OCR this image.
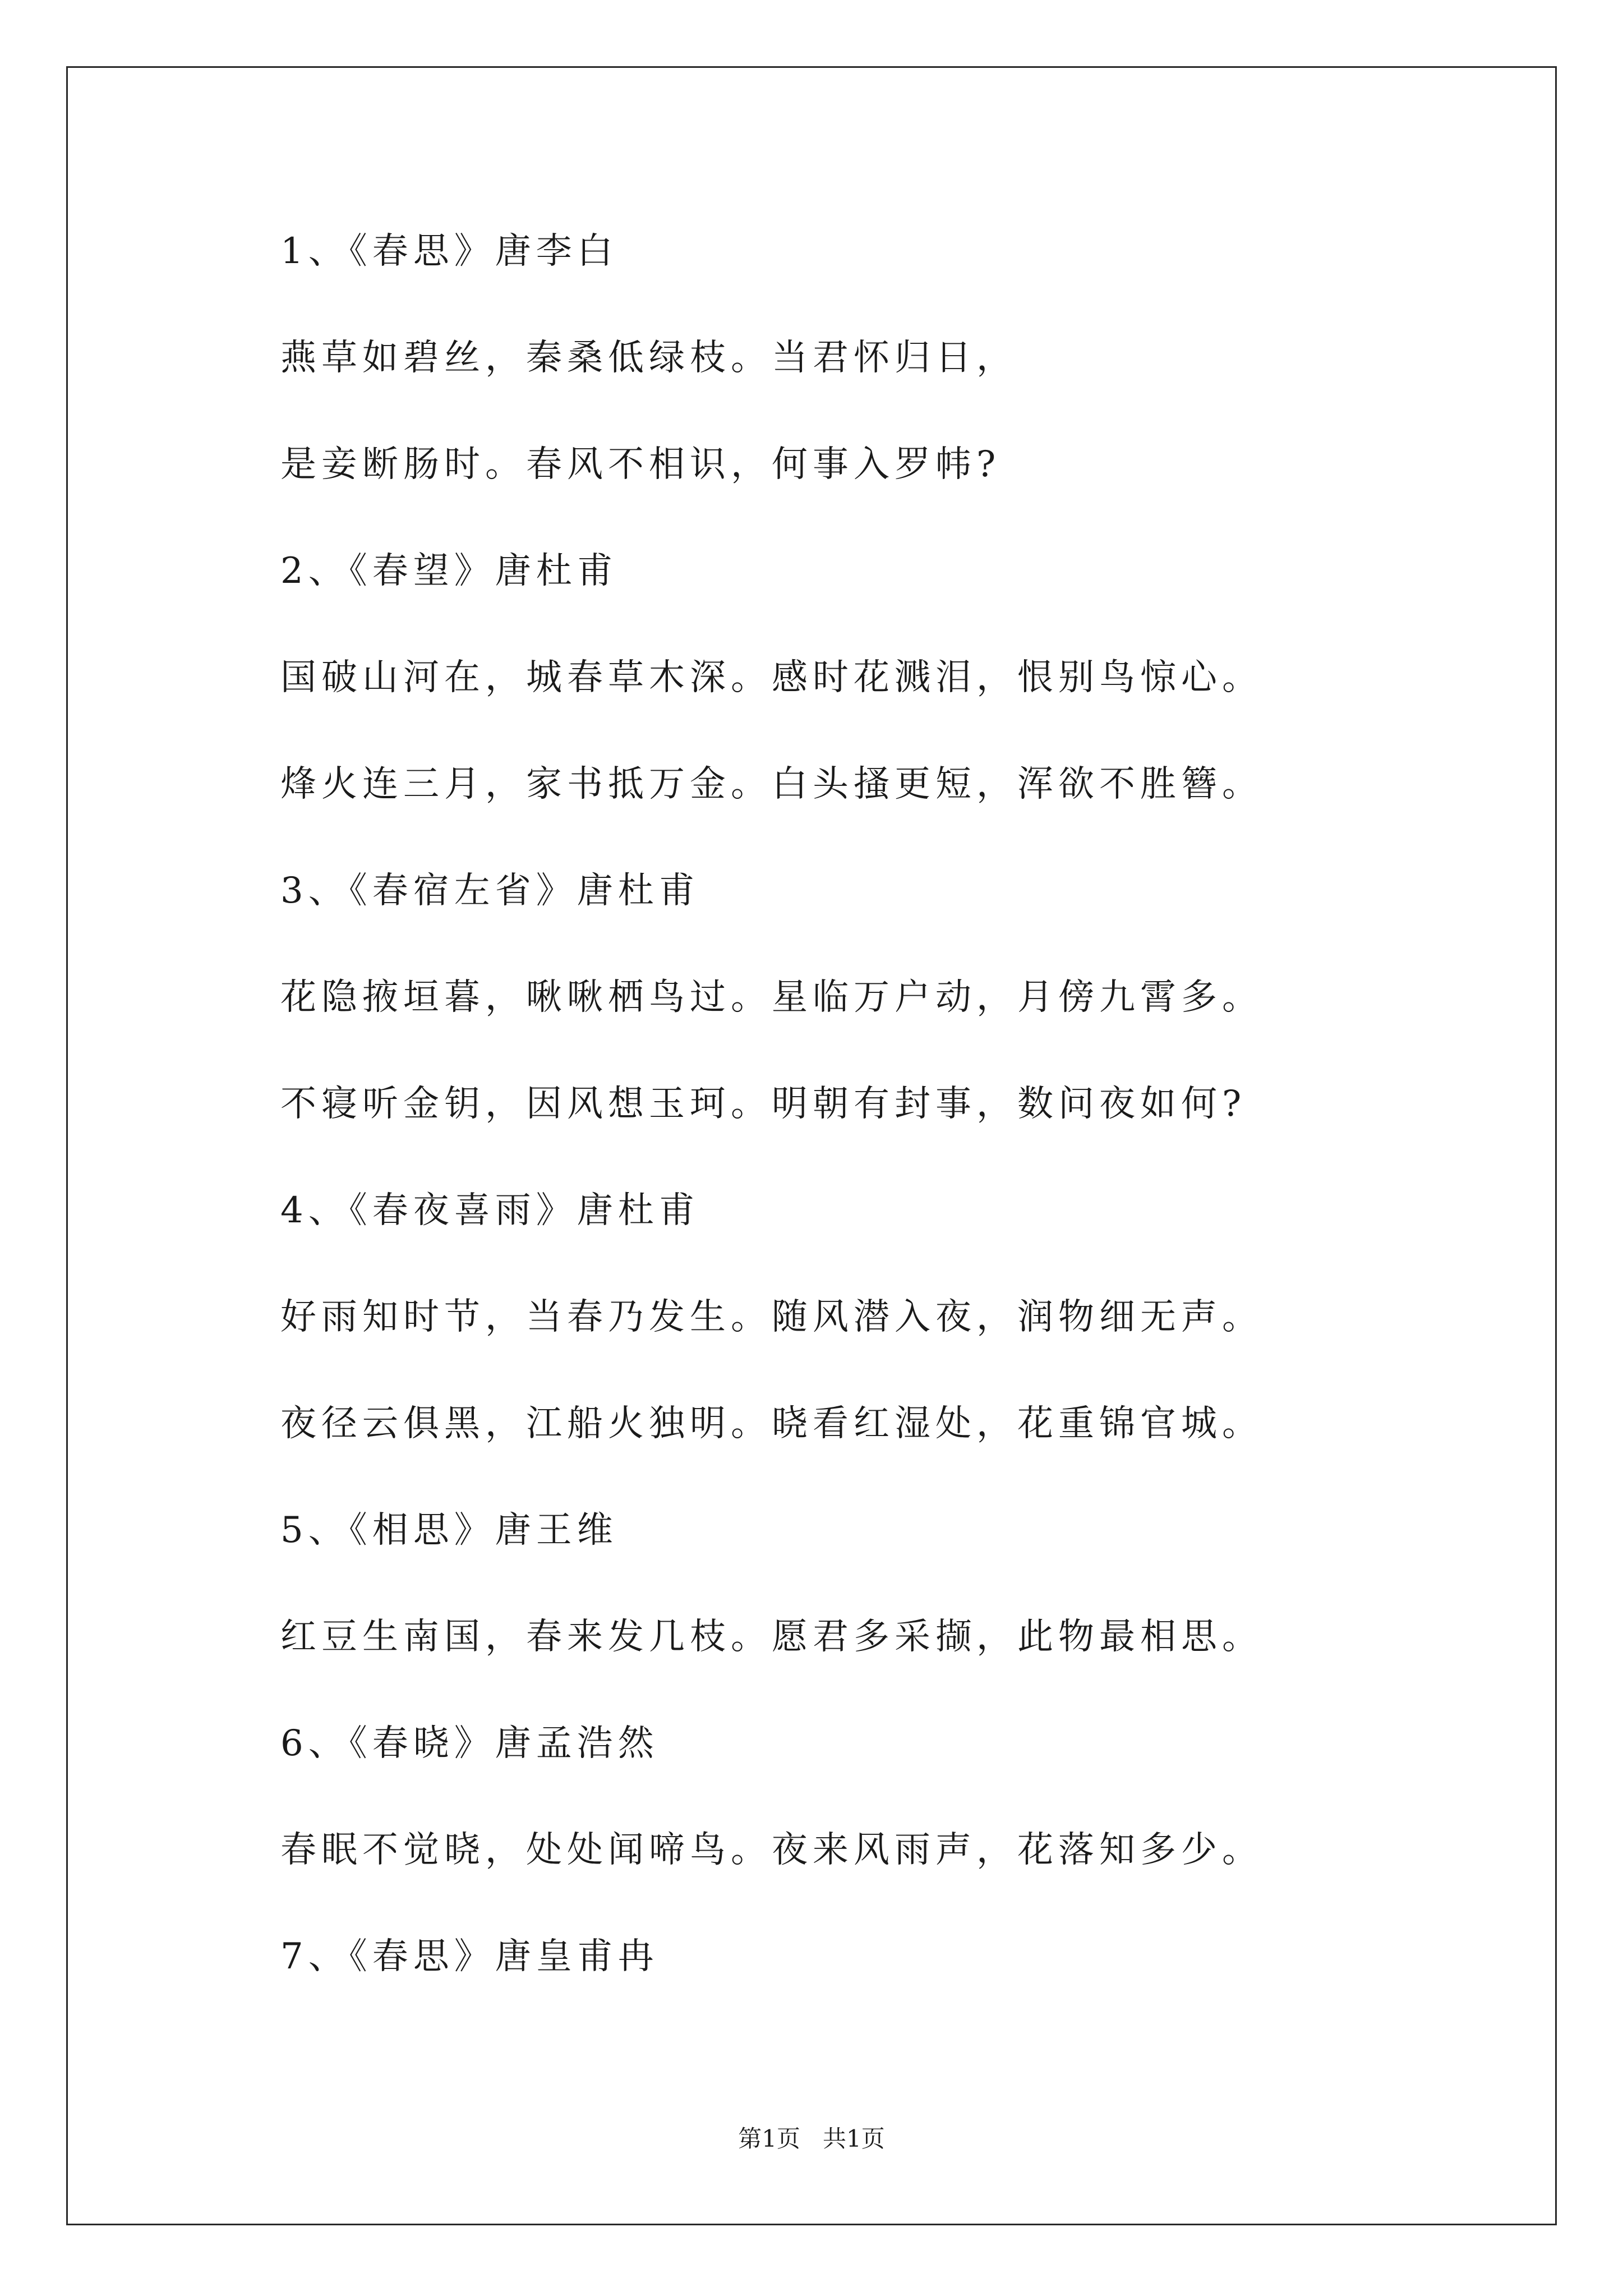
1、《春思》唐李白
燕草如碧丝，秦桑低绿枝。当君怀归日，
是妾断肠时。春风不相识，何事入罗帏?
2、《春望》唐杜甫
国破山河在，城春草木深。感时花溅泪，恨别鸟惊心。
烽火连三月，家书抵万金。白头搔更短，浑欲不胜簪。
3、《春宿左省》唐杜甫
花隐掖垣暮，啾啾栖鸟过。星临万户动，月傍九霄多。
不寝听金钥，因风想玉珂。明朝有封事，数问夜如何?
4、《春夜喜雨》唐杜甫
好雨知时节，当春乃发生。随风潜入夜，润物细无声。
夜径云俱黑，江船火独明。晓看红湿处，花重锦官城。
5、《相思》唐王维
红豆生南国，春来发几枝。愿君多采撷，此物最相思。
6、《春晓》唐孟浩然
春眠不觉晓，处处闻啼鸟。夜来风雨声，花落知多少。
7、《春思》唐皇甫冉
第1页   共1页
